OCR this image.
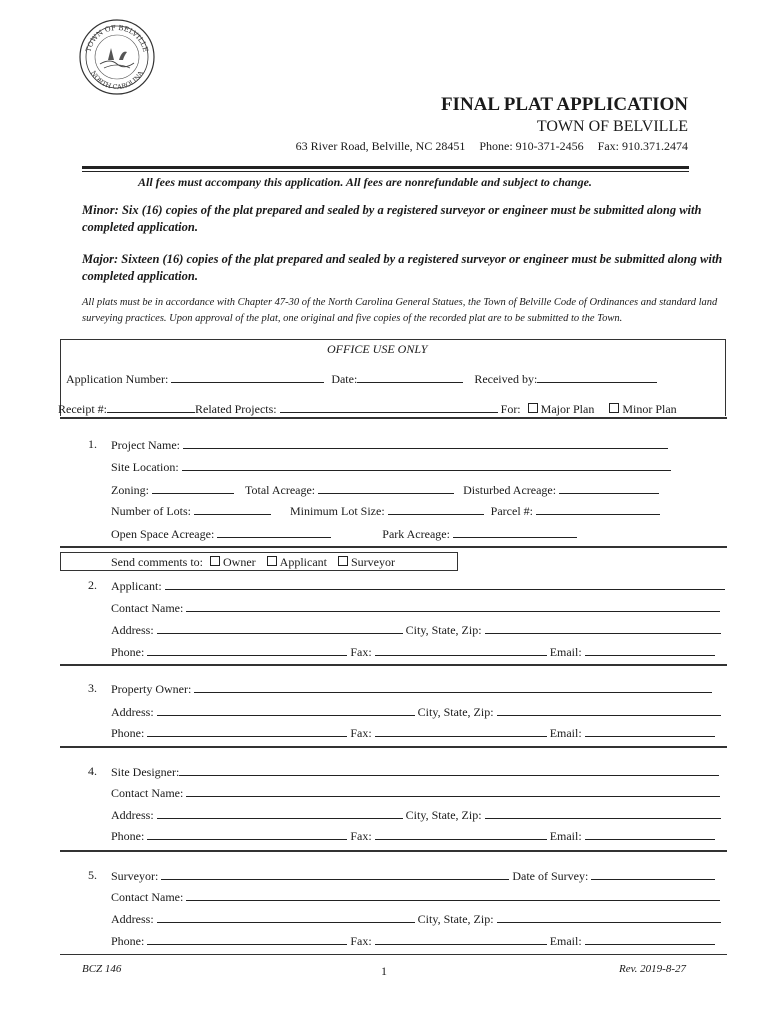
TOWN OF BELVILLE
NORTH CAROLINA
FINAL PLAT APPLICATION
TOWN OF BELVILLE
63 River Road, Belville, NC 28451 Phone: 910-371-2456 Fax: 910.371.2474
All fees must accompany this application. All fees are nonrefundable and subject to change.
Minor: Six (16) copies of the plat prepared and sealed by a registered surveyor or engineer must be submitted along with completed application.
Major: Sixteen (16) copies of the plat prepared and sealed by a registered surveyor or engineer must be submitted along with completed application.
All plats must be in accordance with Chapter 47-30 of the North Carolina General Statues, the Town of Belville Code of Ordinances and standard land surveying practices. Upon approval of the plat, one original and five copies of the recorded plat are to be submitted to the Town.
OFFICE USE ONLY
Application Number:	Date:	Received by:
Receipt #:	Related Projects:	For: Major Plan Minor Plan
1. Project Name:
Site Location:
Zoning:	Total Acreage:	Disturbed Acreage:
Number of Lots:	Minimum Lot Size:	Parcel #:
Open Space Acreage:	Park Acreage:
Send comments to: Owner Applicant Surveyor
2. Applicant:
Contact Name:
Address:	City, State, Zip:
Phone:	Fax:	Email:
3. Property Owner:
Address:	City, State, Zip:
Phone:	Fax:	Email:
4. Site Designer:
Contact Name:
Address:	City, State, Zip:
Phone:	Fax:	Email:
5. Surveyor:	Date of Survey:
Contact Name:
Address:	City, State, Zip:
Phone:	Fax:	Email:
BCZ 146	1	Rev. 2019-8-27
